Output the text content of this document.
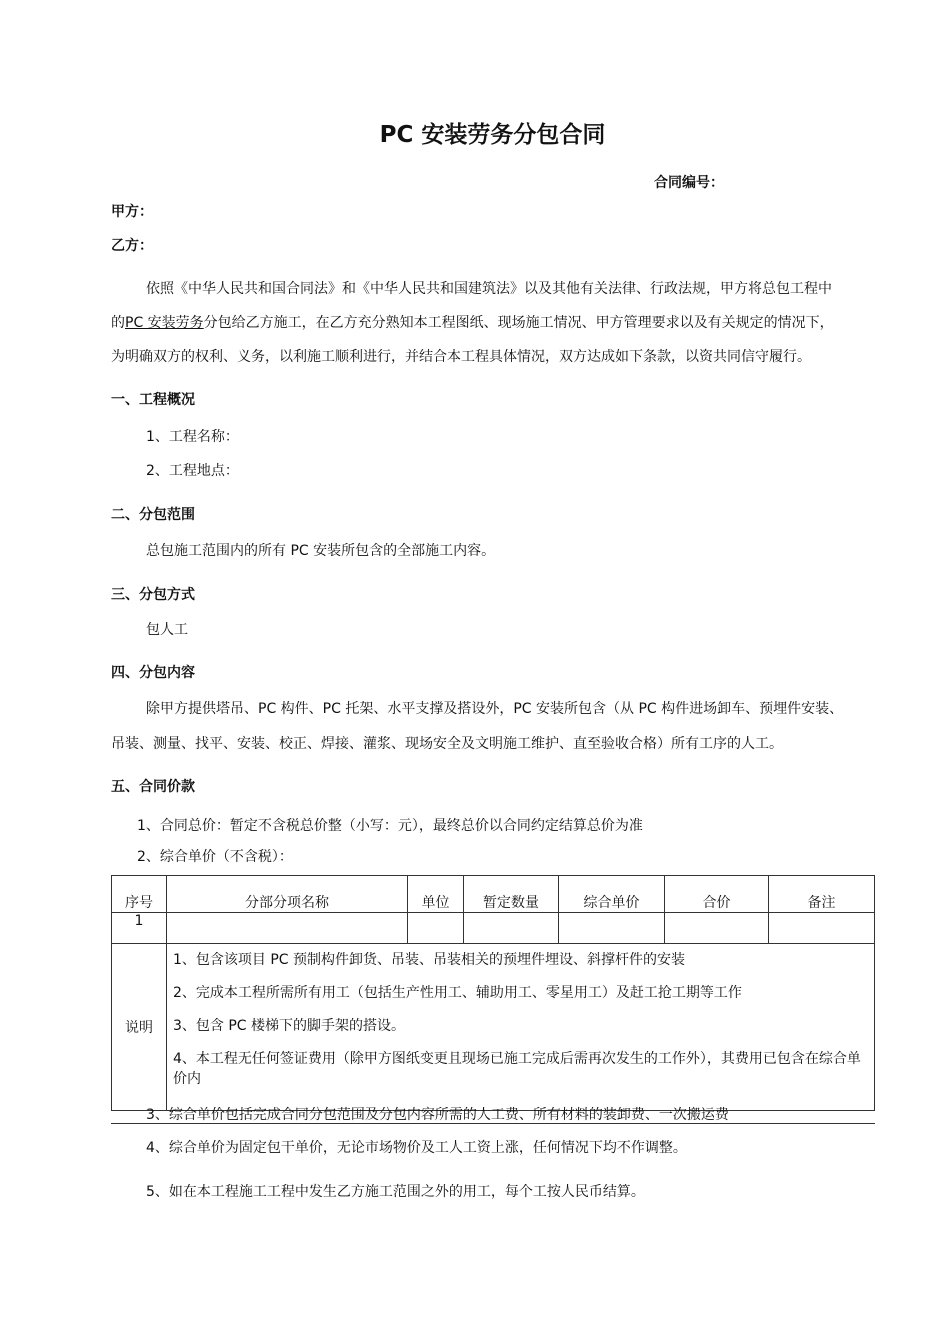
PC 安装劳务分包合同
合同编号：
甲方：
乙方：
依照《中华人民共和国合同法》和《中华人民共和国建筑法》以及其他有关法律、行政法规，甲方将总包工程中
的PC 安装劳务分包给乙方施工，在乙方充分熟知本工程图纸、现场施工情况、甲方管理要求以及有关规定的情况下，
为明确双方的权利、义务，以利施工顺利进行，并结合本工程具体情况，双方达成如下条款，以资共同信守履行。
一、工程概况
1、工程名称：
2、工程地点：
二、分包范围
总包施工范围内的所有 PC 安装所包含的全部施工内容。
三、分包方式
包人工
四、分包内容
除甲方提供塔吊、PC 构件、PC 托架、水平支撑及搭设外，PC 安装所包含（从 PC 构件进场卸车、预埋件安装、
吊装、测量、找平、安装、校正、焊接、灌浆、现场安全及文明施工维护、直至验收合格）所有工序的人工。
五、合同价款
1、合同总价：暂定不含税总价整（小写：元），最终总价以合同约定结算总价为准
2、综合单价（不含税）：
序号	分部分项名称	单位	暂定数量	综合单价	合价	备注
1						
说明	1、包含该项目 PC 预制构件卸货、吊装、吊装相关的预埋件埋设、斜撑杆件的安装
2、完成本工程所需所有用工（包括生产性用工、辅助用工、零星用工）及赶工抢工期等工作
3、包含 PC 楼梯下的脚手架的搭设。
4、本工程无任何签证费用（除甲方图纸变更且现场已施工完成后需再次发生的工作外），其费用已包含在综合单价内					
3、综合单价包括完成合同分包范围及分包内容所需的人工费、所有材料的装卸费、一次搬运费
4、综合单价为固定包干单价，无论市场物价及工人工资上涨，任何情况下均不作调整。
5、如在本工程施工工程中发生乙方施工范围之外的用工，每个工按人民币结算。
